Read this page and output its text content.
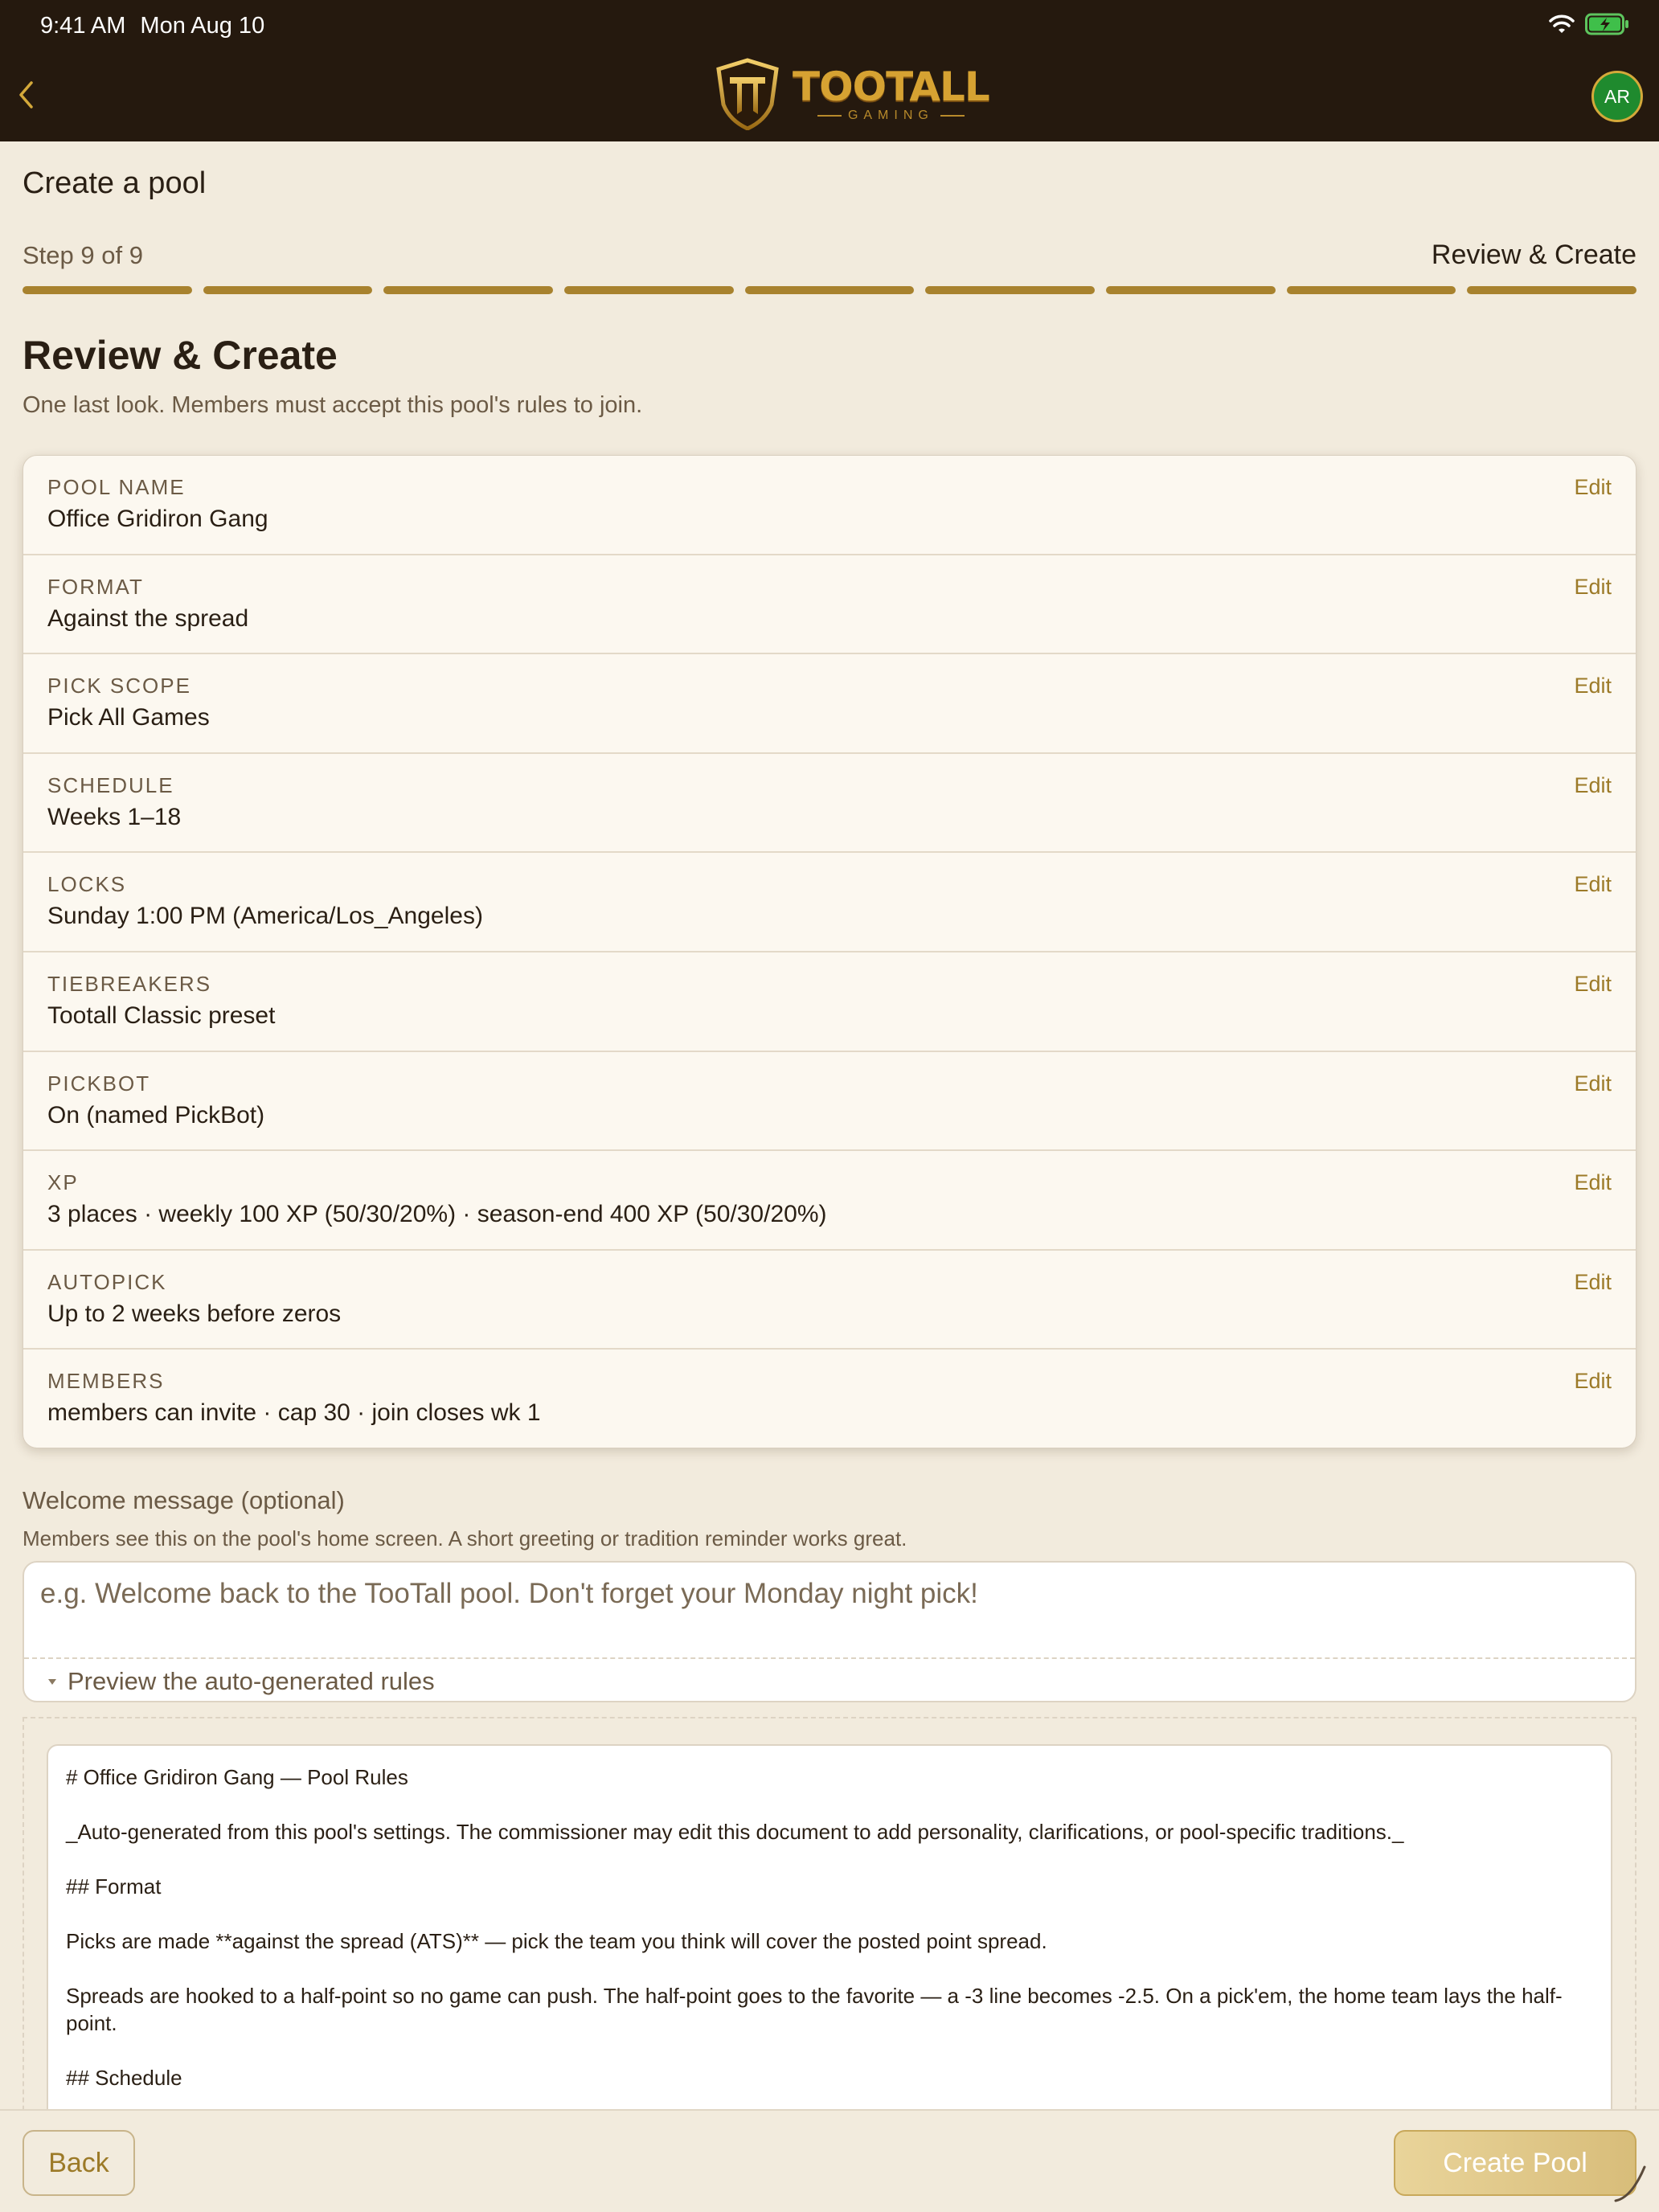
9:41 AM Mon Aug 10
TOOTALL
GAMING
AR
Create a pool
Step 9 of 9	Review & Create
Review & Create
One last look. Members must accept this pool's rules to join.
POOL NAME
Office Gridiron Gang
Edit
FORMAT
Against the spread
Edit
PICK SCOPE
Pick All Games
Edit
SCHEDULE
Weeks 1–18
Edit
LOCKS
Sunday 1:00 PM (America/Los_Angeles)
Edit
TIEBREAKERS
Tootall Classic preset
Edit
PICKBOT
On (named PickBot)
Edit
XP
3 places · weekly 100 XP (50/30/20%) · season-end 400 XP (50/30/20%)
Edit
AUTOPICK
Up to 2 weeks before zeros
Edit
MEMBERS
members can invite · cap 30 · join closes wk 1
Edit
Welcome message (optional)
Members see this on the pool's home screen. A short greeting or tradition reminder works great.
e.g. Welcome back to the TooTall pool. Don't forget your Monday night pick!
Preview the auto-generated rules

# Office Gridiron Gang — Pool Rules

_Auto-generated from this pool's settings. The commissioner may edit this document to add personality, clarifications, or pool-specific traditions._

## Format

Picks are made **against the spread (ATS)** — pick the team you think will cover the posted point spread.

Spreads are hooked to a half-point so no game can push. The half-point goes to the favorite — a -3 line becomes -2.5. On a pick'em, the home team lays the half-point.

## Schedule

Back	Create Pool
